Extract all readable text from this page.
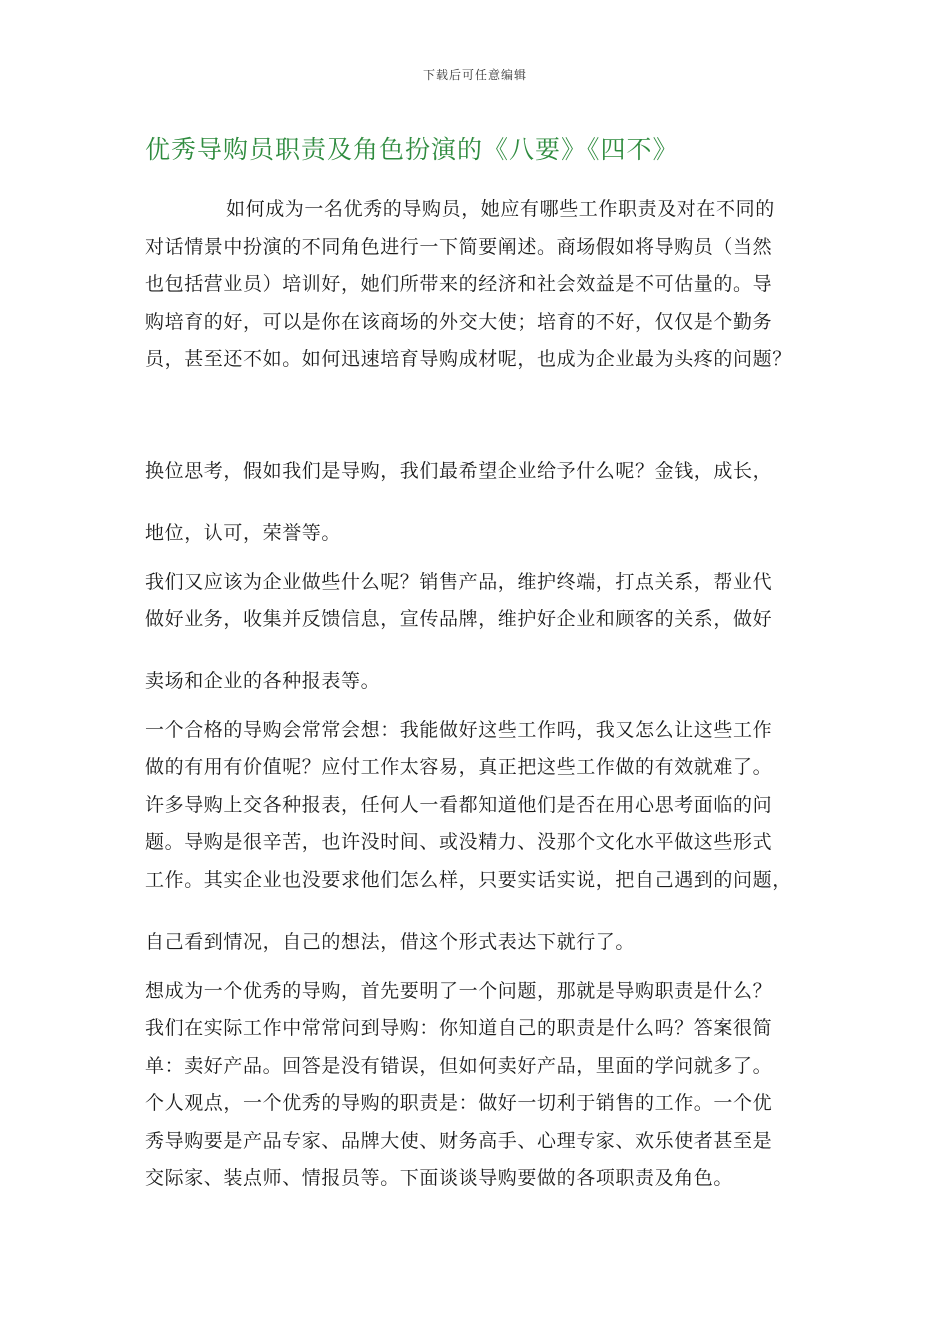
下载后可任意编辑
优秀导购员职责及角色扮演的《八要》《四不》
如何成为一名优秀的导购员，她应有哪些工作职责及对在不同的
对话情景中扮演的不同角色进行一下简要阐述。商场假如将导购员（当然
也包括营业员）培训好，她们所带来的经济和社会效益是不可估量的。导
购培育的好，可以是你在该商场的外交大使；培育的不好，仅仅是个勤务
员，甚至还不如。如何迅速培育导购成材呢，也成为企业最为头疼的问题？
换位思考，假如我们是导购，我们最希望企业给予什么呢？金钱，成长，
地位，认可，荣誉等。
我们又应该为企业做些什么呢？销售产品，维护终端，打点关系，帮业代
做好业务，收集并反馈信息，宣传品牌，维护好企业和顾客的关系，做好
卖场和企业的各种报表等。
一个合格的导购会常常会想：我能做好这些工作吗，我又怎么让这些工作
做的有用有价值呢？应付工作太容易，真正把这些工作做的有效就难了。
许多导购上交各种报表，任何人一看都知道他们是否在用心思考面临的问
题。导购是很辛苦，也许没时间、或没精力、没那个文化水平做这些形式
工作。其实企业也没要求他们怎么样，只要实话实说，把自己遇到的问题，
自己看到情况，自己的想法，借这个形式表达下就行了。
想成为一个优秀的导购，首先要明了一个问题，那就是导购职责是什么？
我们在实际工作中常常问到导购：你知道自己的职责是什么吗？答案很简
单：卖好产品。回答是没有错误，但如何卖好产品，里面的学问就多了。
个人观点，一个优秀的导购的职责是：做好一切利于销售的工作。一个优
秀导购要是产品专家、品牌大使、财务高手、心理专家、欢乐使者甚至是
交际家、装点师、情报员等。下面谈谈导购要做的各项职责及角色。
